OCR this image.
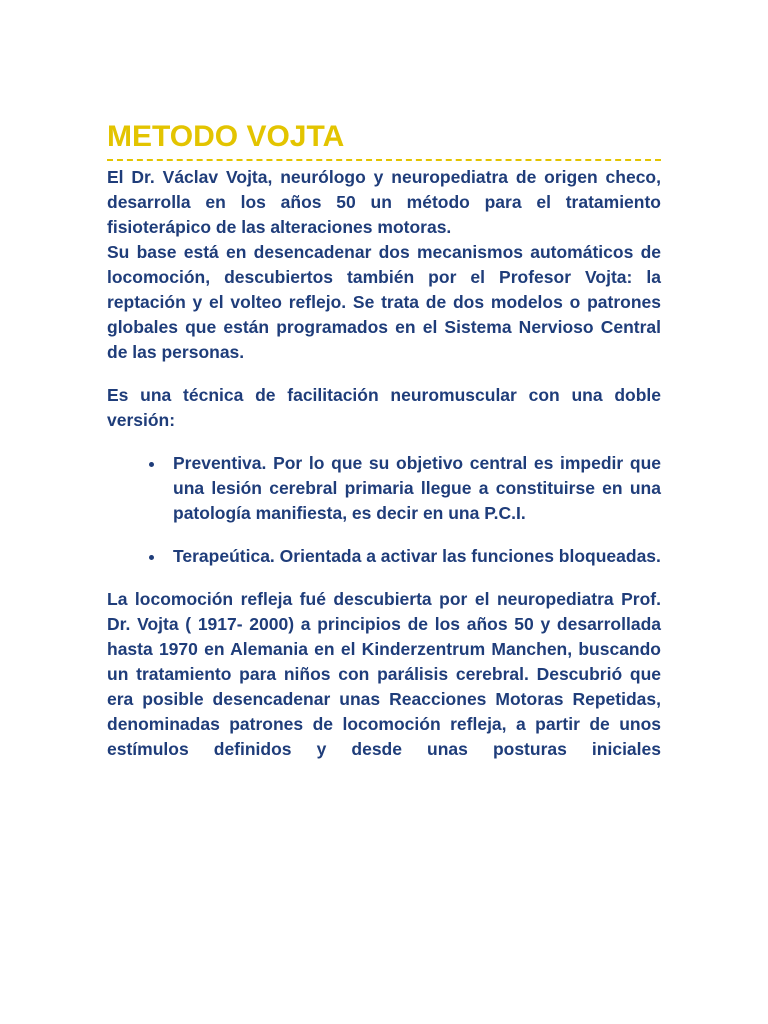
METODO VOJTA

El Dr. Václav Vojta, neurólogo y neuropediatra de origen checo, desarrolla en los años 50 un método para el tratamiento fisioterápico de las alteraciones motoras.

Su base está en desencadenar dos mecanismos automáticos de locomoción, descubiertos también por el Profesor Vojta: la reptación y el volteo reflejo. Se trata de dos modelos o patrones globales que están programados en el Sistema Nervioso Central de las personas.

Es una técnica de facilitación neuromuscular con una doble versión:

Preventiva. Por lo que su objetivo central es impedir que una lesión cerebral primaria llegue a constituirse en una patología manifiesta, es decir en una P.C.I.

Terapeútica. Orientada a activar las funciones bloqueadas.

La locomoción refleja fué descubierta por el neuropediatra Prof. Dr. Vojta ( 1917- 2000) a principios de los años 50 y desarrollada hasta 1970 en Alemania en el Kinderzentrum Manchen, buscando un tratamiento para niños con parálisis cerebral. Descubrió que era posible desencadenar unas Reacciones Motoras Repetidas, denominadas patrones de locomoción refleja, a partir de unos estímulos definidos y desde unas posturas iniciales
